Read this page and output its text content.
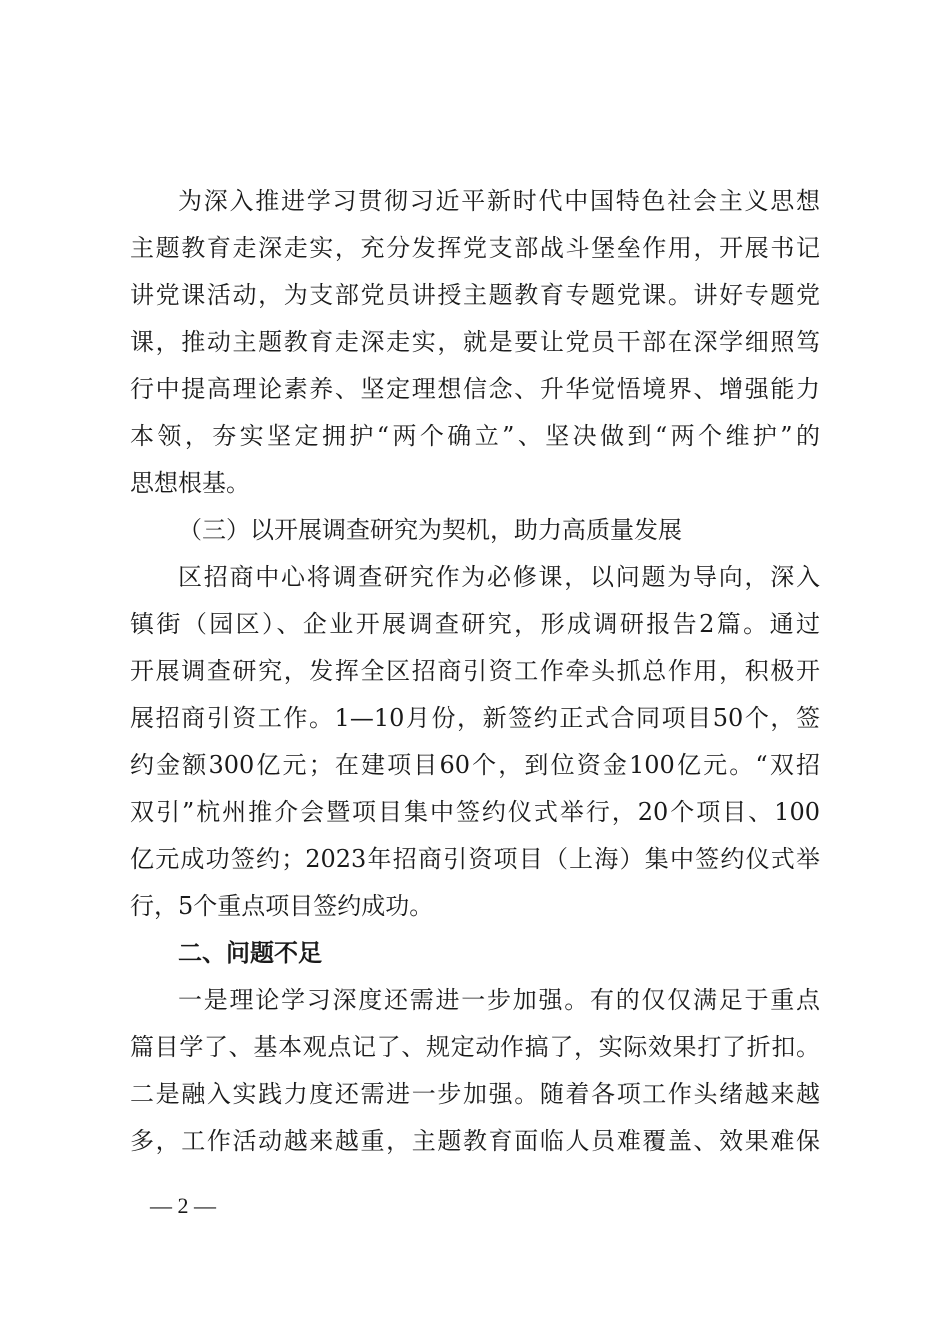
为深入推进学习贯彻习近平新时代中国特色社会主义思想
主题教育走深走实，充分发挥党支部战斗堡垒作用，开展书记
讲党课活动，为支部党员讲授主题教育专题党课。讲好专题党
课，推动主题教育走深走实，就是要让党员干部在深学细照笃
行中提高理论素养、坚定理想信念、升华觉悟境界、增强能力
本领，夯实坚定拥护“两个确立”、坚决做到“两个维护”的
思想根基。
（三）以开展调查研究为契机，助力高质量发展
区招商中心将调查研究作为必修课，以问题为导向，深入
镇街（园区）、企业开展调查研究，形成调研报告2篇。通过
开展调查研究，发挥全区招商引资工作牵头抓总作用，积极开
展招商引资工作。1—10月份，新签约正式合同项目50个，签
约金额300亿元；在建项目60个，到位资金100亿元。“双招
双引”杭州推介会暨项目集中签约仪式举行，20个项目、100
亿元成功签约；2023年招商引资项目（上海）集中签约仪式举
行，5个重点项目签约成功。
二、问题不足
一是理论学习深度还需进一步加强。有的仅仅满足于重点
篇目学了、基本观点记了、规定动作搞了，实际效果打了折扣。
二是融入实践力度还需进一步加强。随着各项工作头绪越来越
多，工作活动越来越重，主题教育面临人员难覆盖、效果难保
— 2 —
